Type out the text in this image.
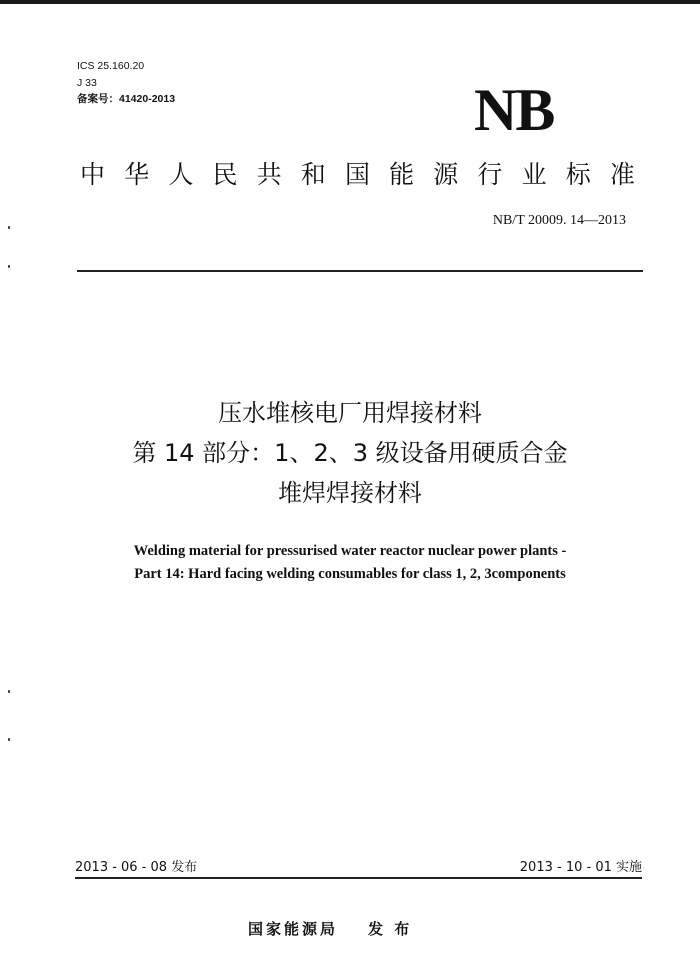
ICS 25.160.20
J 33
备案号：41420-2013	NB
中 华 人 民 共 和 国 能 源 行 业 标 准
NB/T 20009. 14—2013
压水堆核电厂用焊接材料
第 14 部分：1、2、3 级设备用硬质合金
堆焊焊接材料
Welding material for pressurised water reactor nuclear power plants -
Part 14: Hard facing welding consumables for class 1, 2, 3components
2013 - 06 - 08 发布	2013 - 10 - 01 实施
国家能源局 发 布
